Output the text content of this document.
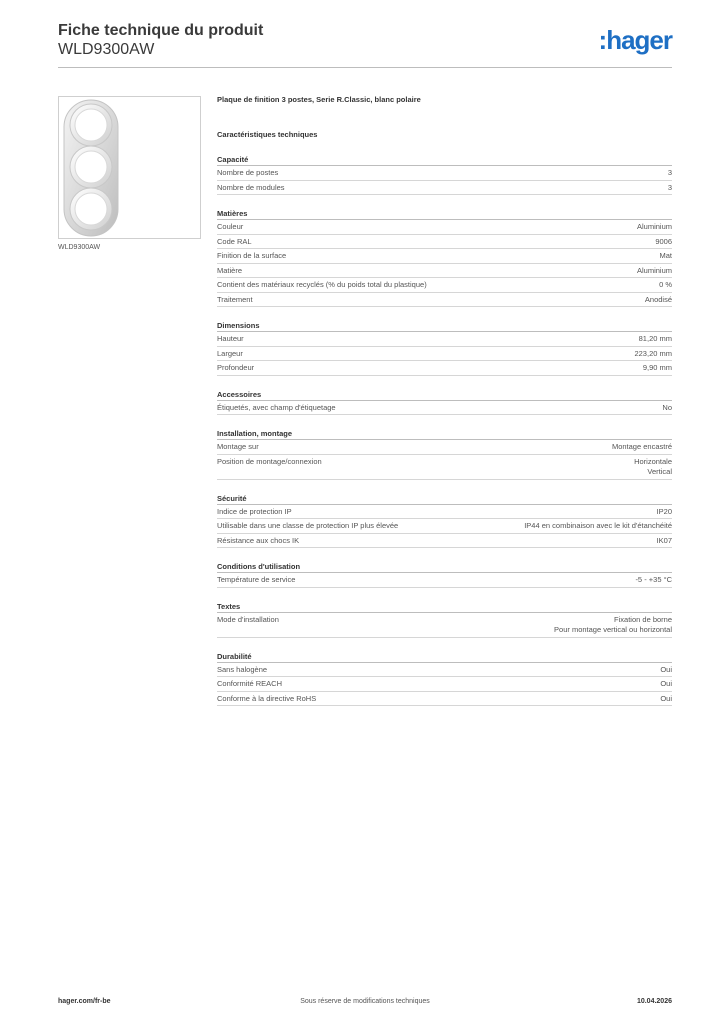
Fiche technique du produit
WLD9300AW	:hager
WLD9300AW
Plaque de finition 3 postes, Serie R.Classic, blanc polaire
Caractéristiques techniques
Capacité
Nombre de postes	3
Nombre de modules	3
Matières
Couleur	Aluminium
Code RAL	9006
Finition de la surface	Mat
Matière	Aluminium
Contient des matériaux recyclés (% du poids total du plastique)	0 %
Traitement	Anodisé
Dimensions
Hauteur	81,20 mm
Largeur	223,20 mm
Profondeur	9,90 mm
Accessoires
Étiquetés, avec champ d'étiquetage	No
Installation, montage
Montage sur	Montage encastré
Position de montage/connexion	Horizontale
Vertical
Sécurité
Indice de protection IP	IP20
Utilisable dans une classe de protection IP plus élevée	IP44 en combinaison avec le kit d'étanchéité
Résistance aux chocs IK	IK07
Conditions d'utilisation
Température de service	-5 - +35 °C
Textes
Mode d'installation	Fixation de borne
Pour montage vertical ou horizontal
Durabilité
Sans halogène	Oui
Conformité REACH	Oui
Conforme à la directive RoHS	Oui
hager.com/fr-be	Sous réserve de modifications techniques	10.04.2026
